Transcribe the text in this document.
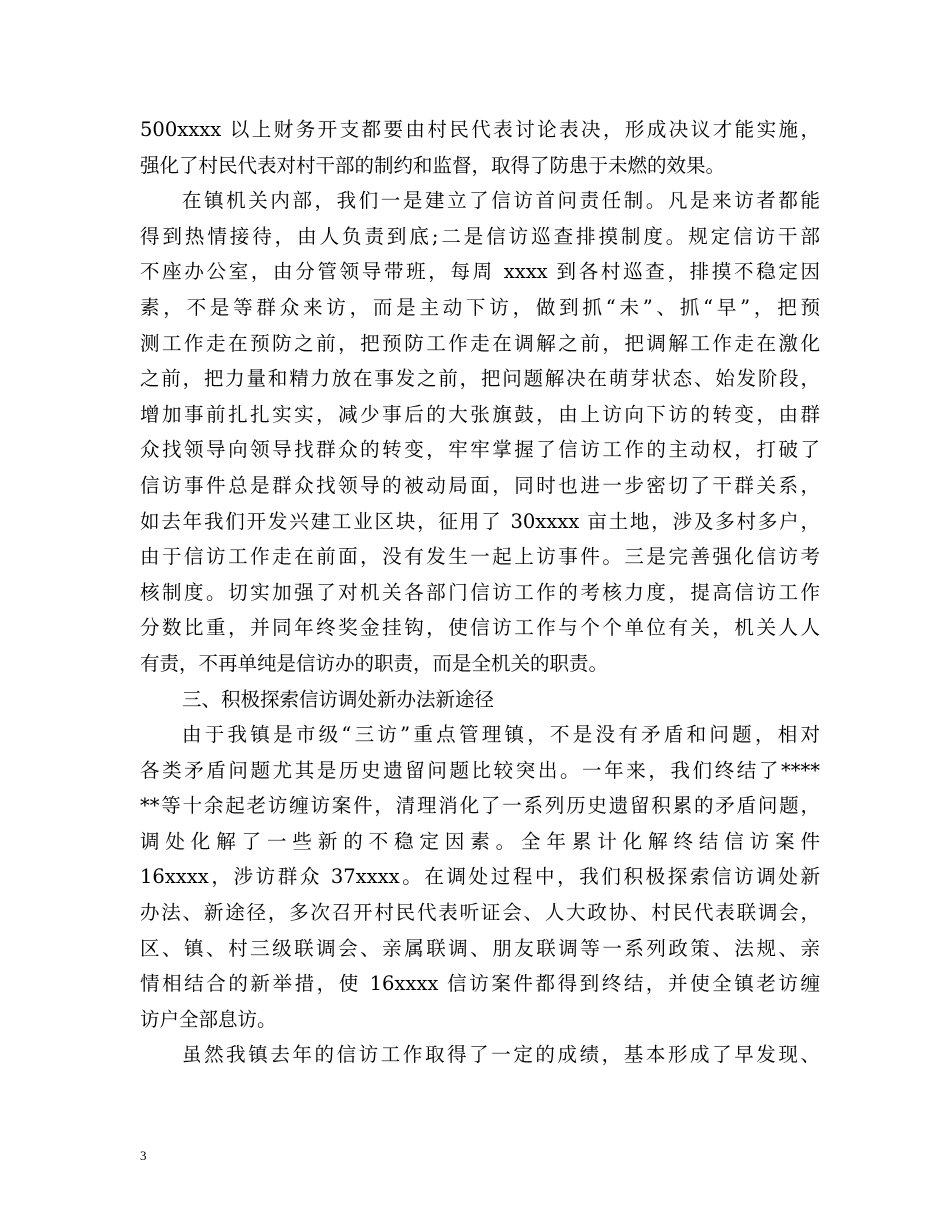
500xxxx 以上财务开支都要由村民代表讨论表决，形成决议才能实施，
强化了村民代表对村干部的制约和监督，取得了防患于未燃的效果。
在镇机关内部，我们一是建立了信访首问责任制。凡是来访者都能
得到热情接待，由人负责到底;二是信访巡查排摸制度。规定信访干部
不座办公室，由分管领导带班，每周 xxxx 到各村巡查，排摸不稳定因
素，不是等群众来访，而是主动下访，做到抓“未”、抓“早”，把预
测工作走在预防之前，把预防工作走在调解之前，把调解工作走在激化
之前，把力量和精力放在事发之前，把问题解决在萌芽状态、始发阶段，
增加事前扎扎实实，减少事后的大张旗鼓，由上访向下访的转变，由群
众找领导向领导找群众的转变，牢牢掌握了信访工作的主动权，打破了
信访事件总是群众找领导的被动局面，同时也进一步密切了干群关系，
如去年我们开发兴建工业区块，征用了 30xxxx 亩土地，涉及多村多户，
由于信访工作走在前面，没有发生一起上访事件。三是完善强化信访考
核制度。切实加强了对机关各部门信访工作的考核力度，提高信访工作
分数比重，并同年终奖金挂钩，使信访工作与个个单位有关，机关人人
有责，不再单纯是信访办的职责，而是全机关的职责。
三、积极探索信访调处新办法新途径
由于我镇是市级“三访”重点管理镇，不是没有矛盾和问题，相对
各类矛盾问题尤其是历史遗留问题比较突出。一年来，我们终结了****
**等十余起老访缠访案件，清理消化了一系列历史遗留积累的矛盾问题，
调处化解了一些新的不稳定因素。全年累计化解终结信访案件
16xxxx，涉访群众 37xxxx。在调处过程中，我们积极探索信访调处新
办法、新途径，多次召开村民代表听证会、人大政协、村民代表联调会，
区、镇、村三级联调会、亲属联调、朋友联调等一系列政策、法规、亲
情相结合的新举措，使 16xxxx 信访案件都得到终结，并使全镇老访缠
访户全部息访。
虽然我镇去年的信访工作取得了一定的成绩，基本形成了早发现、
3
